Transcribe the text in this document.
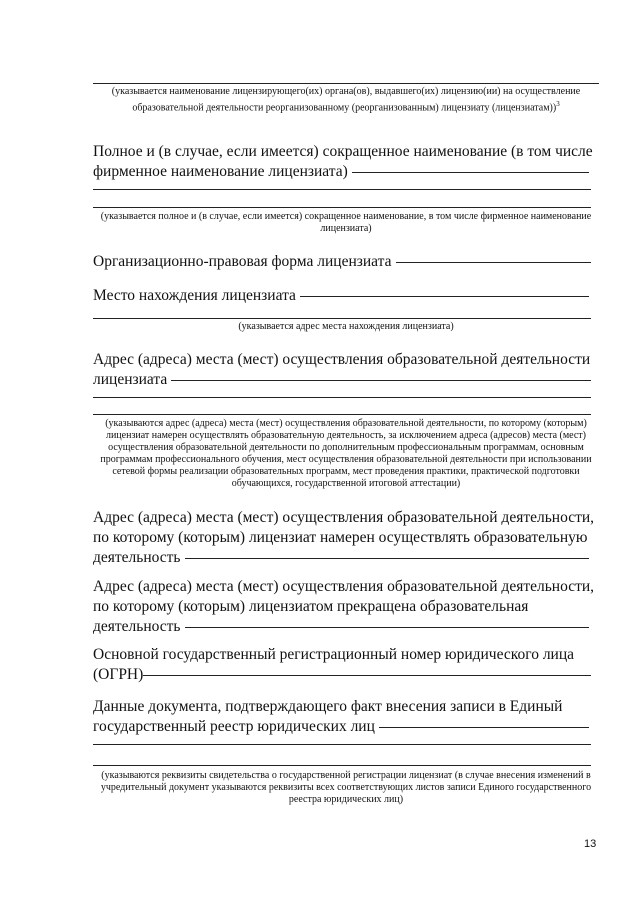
(указывается наименование лицензирующего(их) органа(ов), выдавшего(их) лицензию(ии) на осуществление образовательной деятельности реорганизованному (реорганизованным) лицензиату (лицензиатам))$^3$
Полное и (в случае, если имеется) сокращенное наименование (в том числе
фирменное наименование лицензиата)
(указывается полное и (в случае, если имеется) сокращенное наименование, в том числе фирменное наименование лицензиата)
Организационно-правовая форма лицензиата
Место нахождения лицензиата
(указывается адрес места нахождения лицензиата)
Адрес (адреса) места (мест) осуществления образовательной деятельности
лицензиата
(указываются адрес (адреса) места (мест) осуществления образовательной деятельности, по которому (которым) лицензиат намерен осуществлять образовательную деятельность, за исключением адреса (адресов) места (мест) осуществления образовательной деятельности по дополнительным профессиональным программам, основным программам профессионального обучения, мест осуществления образовательной деятельности при использовании сетевой формы реализации образовательных программ, мест проведения практики, практической подготовки обучающихся, государственной итоговой аттестации)
Адрес (адреса) места (мест) осуществления образовательной деятельности,
по которому (которым) лицензиат намерен осуществлять образовательную
деятельность
Адрес (адреса) места (мест) осуществления образовательной деятельности,
по которому (которым) лицензиатом прекращена образовательная
деятельность
Основной государственный регистрационный номер юридического лица
(ОГРН)
Данные документа, подтверждающего факт внесения записи в Единый
государственный реестр юридических лиц
(указываются реквизиты свидетельства о государственной регистрации лицензиат (в случае внесения изменений в учредительный документ указываются реквизиты всех соответствующих листов записи Единого государственного реестра юридических лиц)
13
